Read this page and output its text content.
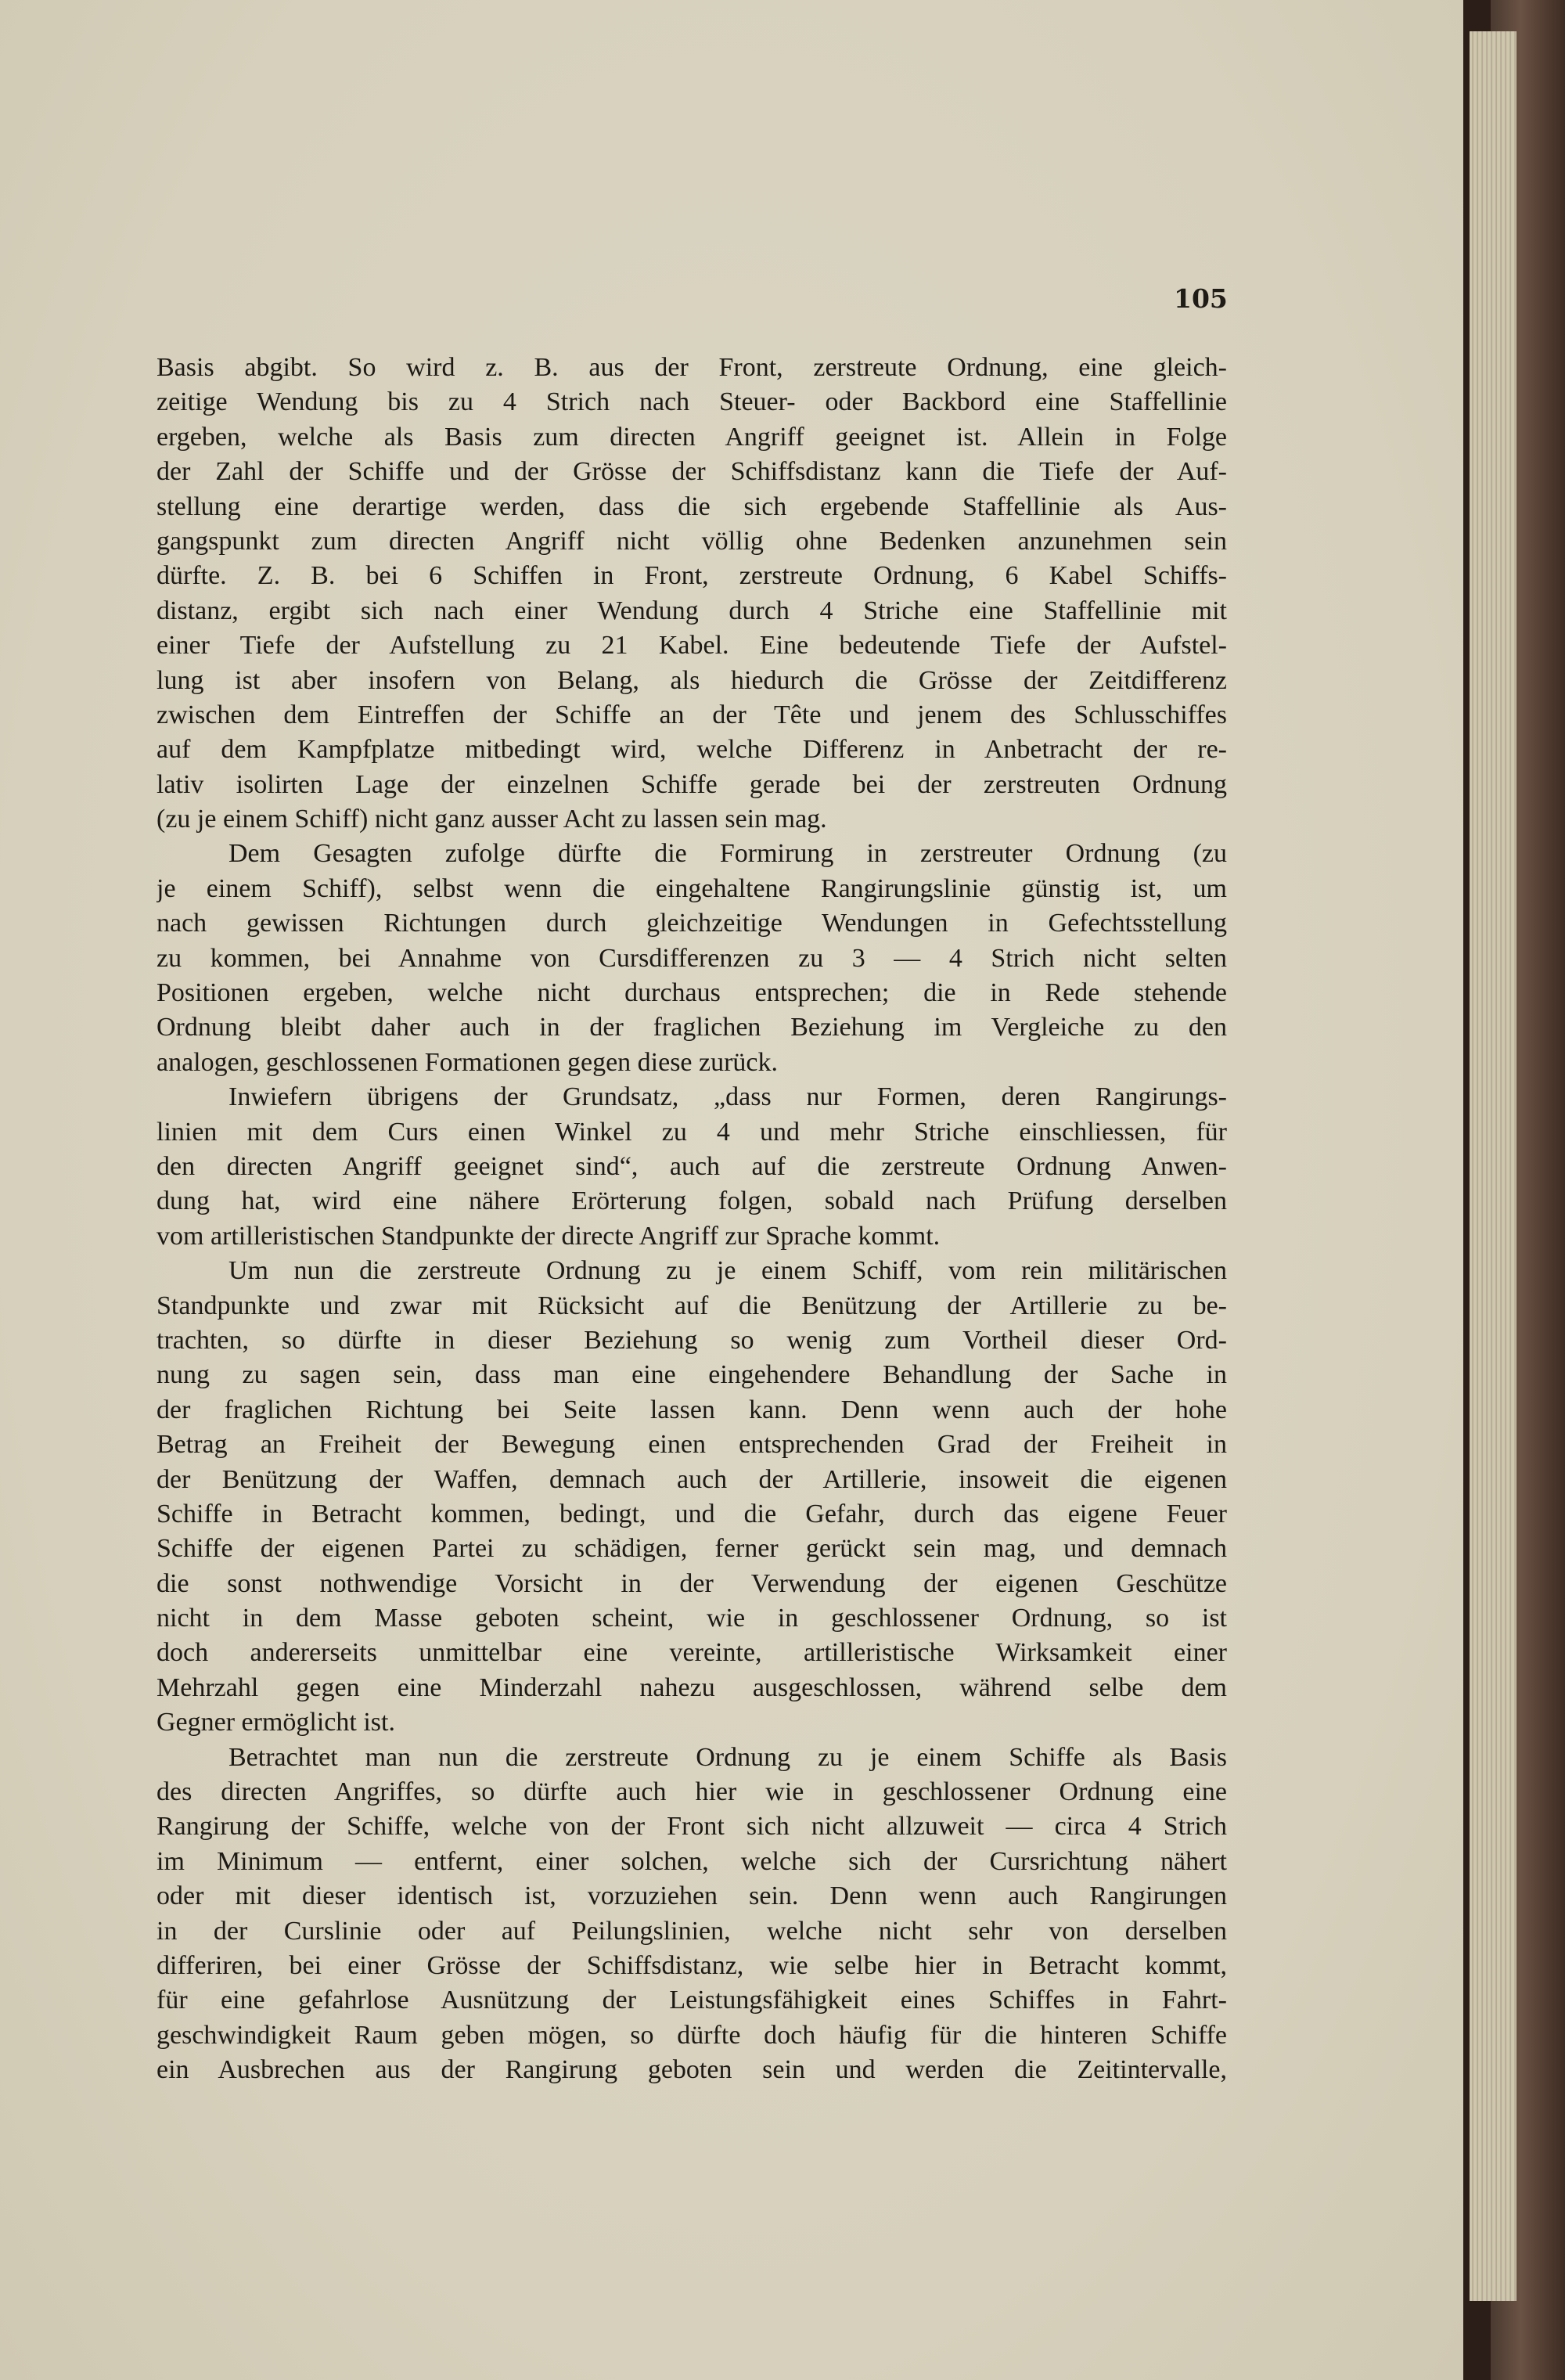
105
Basis abgibt. So wird z. B. aus der Front, zerstreute Ordnung, eine gleich-
zeitige Wendung bis zu 4 Strich nach Steuer- oder Backbord eine Staffellinie
ergeben, welche als Basis zum directen Angriff geeignet ist. Allein in Folge
der Zahl der Schiffe und der Grösse der Schiffsdistanz kann die Tiefe der Auf-
stellung eine derartige werden, dass die sich ergebende Staffellinie als Aus-
gangspunkt zum directen Angriff nicht völlig ohne Bedenken anzunehmen sein
dürfte. Z. B. bei 6 Schiffen in Front, zerstreute Ordnung, 6 Kabel Schiffs-
distanz, ergibt sich nach einer Wendung durch 4 Striche eine Staffellinie mit
einer Tiefe der Aufstellung zu 21 Kabel. Eine bedeutende Tiefe der Aufstel-
lung ist aber insofern von Belang, als hiedurch die Grösse der Zeitdifferenz
zwischen dem Eintreffen der Schiffe an der Tête und jenem des Schlusschiffes
auf dem Kampfplatze mitbedingt wird, welche Differenz in Anbetracht der re-
lativ isolirten Lage der einzelnen Schiffe gerade bei der zerstreuten Ordnung
(zu je einem Schiff) nicht ganz ausser Acht zu lassen sein mag.
Dem Gesagten zufolge dürfte die Formirung in zerstreuter Ordnung (zu
je einem Schiff), selbst wenn die eingehaltene Rangirungslinie günstig ist, um
nach gewissen Richtungen durch gleichzeitige Wendungen in Gefechtsstellung
zu kommen, bei Annahme von Cursdifferenzen zu 3 — 4 Strich nicht selten
Positionen ergeben, welche nicht durchaus entsprechen; die in Rede stehende
Ordnung bleibt daher auch in der fraglichen Beziehung im Vergleiche zu den
analogen, geschlossenen Formationen gegen diese zurück.
Inwiefern übrigens der Grundsatz, „dass nur Formen, deren Rangirungs-
linien mit dem Curs einen Winkel zu 4 und mehr Striche einschliessen, für
den directen Angriff geeignet sind“, auch auf die zerstreute Ordnung Anwen-
dung hat, wird eine nähere Erörterung folgen, sobald nach Prüfung derselben
vom artilleristischen Standpunkte der directe Angriff zur Sprache kommt.
Um nun die zerstreute Ordnung zu je einem Schiff, vom rein militärischen
Standpunkte und zwar mit Rücksicht auf die Benützung der Artillerie zu be-
trachten, so dürfte in dieser Beziehung so wenig zum Vortheil dieser Ord-
nung zu sagen sein, dass man eine eingehendere Behandlung der Sache in
der fraglichen Richtung bei Seite lassen kann. Denn wenn auch der hohe
Betrag an Freiheit der Bewegung einen entsprechenden Grad der Freiheit in
der Benützung der Waffen, demnach auch der Artillerie, insoweit die eigenen
Schiffe in Betracht kommen, bedingt, und die Gefahr, durch das eigene Feuer
Schiffe der eigenen Partei zu schädigen, ferner gerückt sein mag, und demnach
die sonst nothwendige Vorsicht in der Verwendung der eigenen Geschütze
nicht in dem Masse geboten scheint, wie in geschlossener Ordnung, so ist
doch andererseits unmittelbar eine vereinte, artilleristische Wirksamkeit einer
Mehrzahl gegen eine Minderzahl nahezu ausgeschlossen, während selbe dem
Gegner ermöglicht ist.
Betrachtet man nun die zerstreute Ordnung zu je einem Schiffe als Basis
des directen Angriffes, so dürfte auch hier wie in geschlossener Ordnung eine
Rangirung der Schiffe, welche von der Front sich nicht allzuweit — circa 4 Strich
im Minimum — entfernt, einer solchen, welche sich der Cursrichtung nähert
oder mit dieser identisch ist, vorzuziehen sein. Denn wenn auch Rangirungen
in der Curslinie oder auf Peilungslinien, welche nicht sehr von derselben
differiren, bei einer Grösse der Schiffsdistanz, wie selbe hier in Betracht kommt,
für eine gefahrlose Ausnützung der Leistungsfähigkeit eines Schiffes in Fahrt-
geschwindigkeit Raum geben mögen, so dürfte doch häufig für die hinteren Schiffe
ein Ausbrechen aus der Rangirung geboten sein und werden die Zeitintervalle,
